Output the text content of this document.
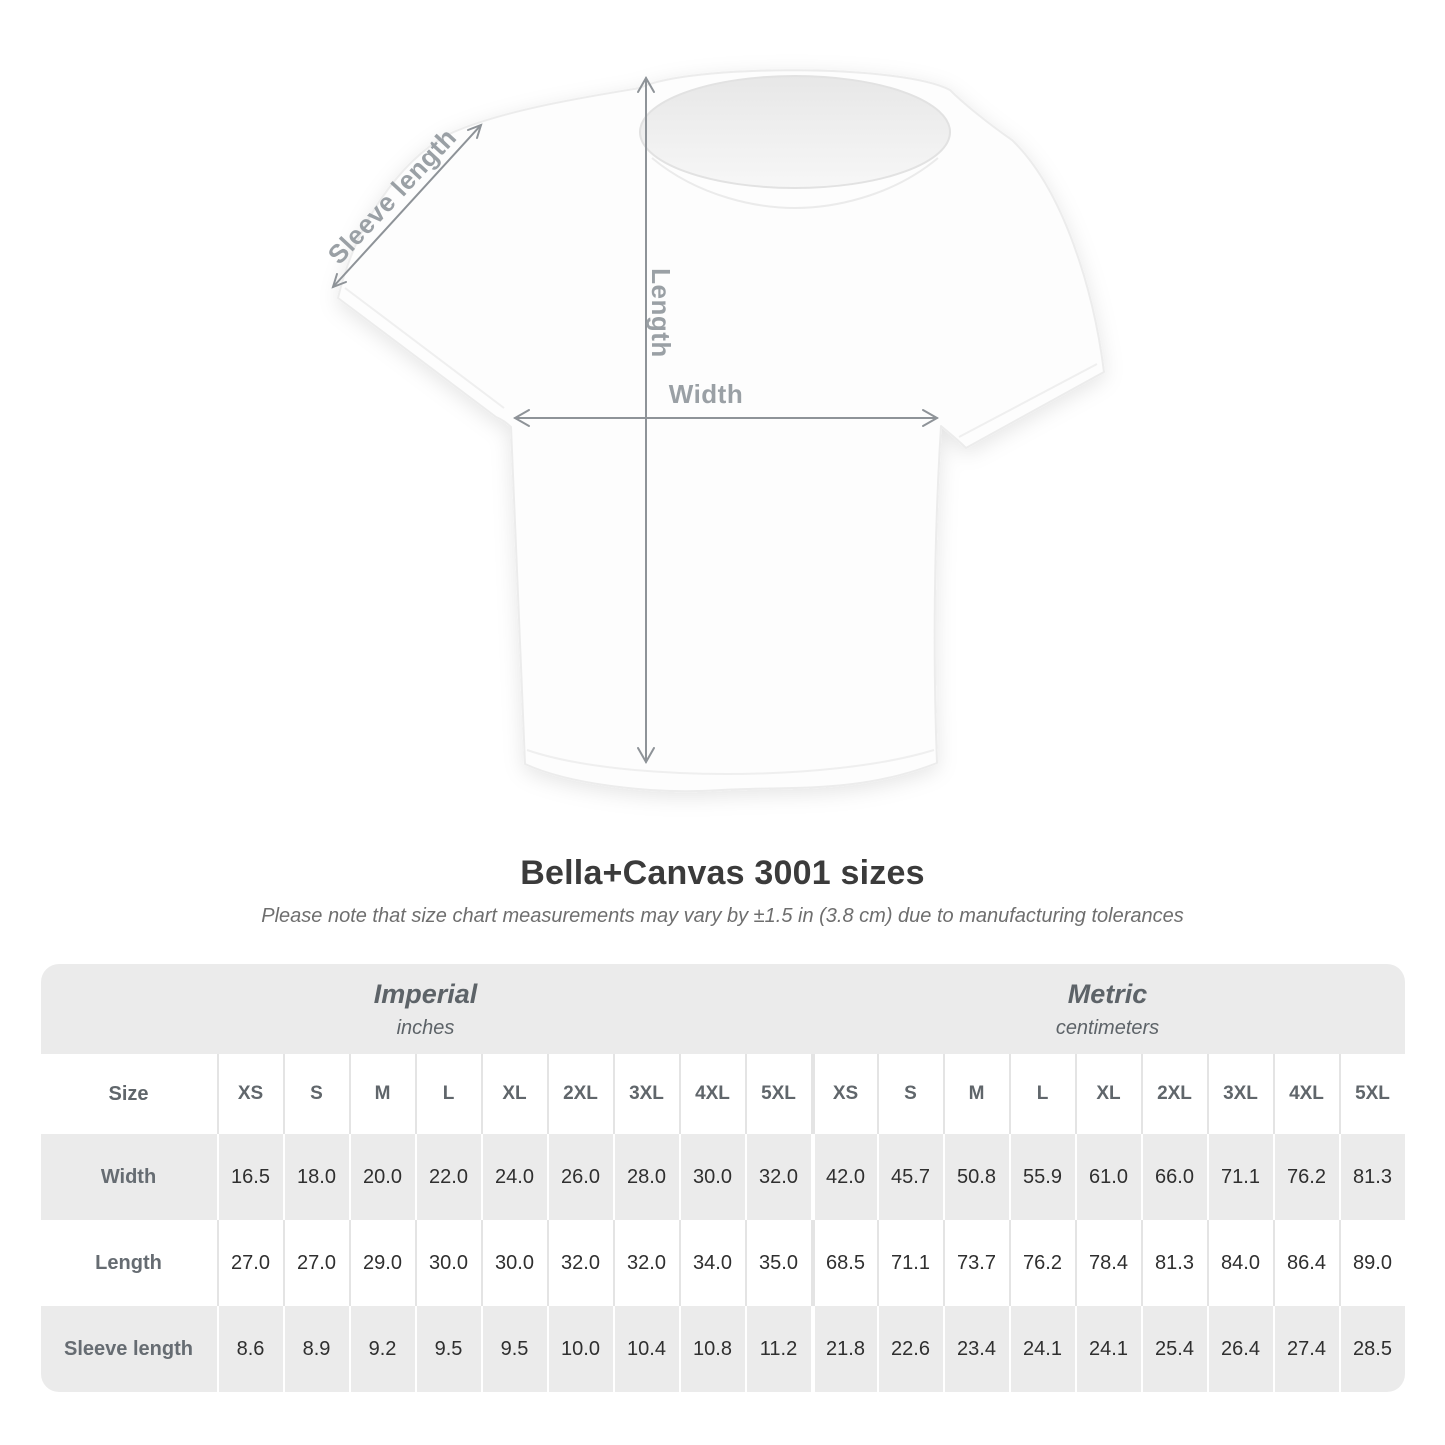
Width
Length
Sleeve length
Bella+Canvas 3001 sizes

Please note that size chart measurements may vary by ±1.5 in (3.8 cm) due to manufacturing tolerances

Imperial
inches

Metric
centimeters

Size	XS	S	M	L	XL	2XL	3XL	4XL	5XL	XS	S	M	L	XL	2XL	3XL	4XL	5XL
Width	16.5	18.0	20.0	22.0	24.0	26.0	28.0	30.0	32.0	42.0	45.7	50.8	55.9	61.0	66.0	71.1	76.2	81.3
Length	27.0	27.0	29.0	30.0	30.0	32.0	32.0	34.0	35.0	68.5	71.1	73.7	76.2	78.4	81.3	84.0	86.4	89.0
Sleeve length	8.6	8.9	9.2	9.5	9.5	10.0	10.4	10.8	11.2	21.8	22.6	23.4	24.1	24.1	25.4	26.4	27.4	28.5
